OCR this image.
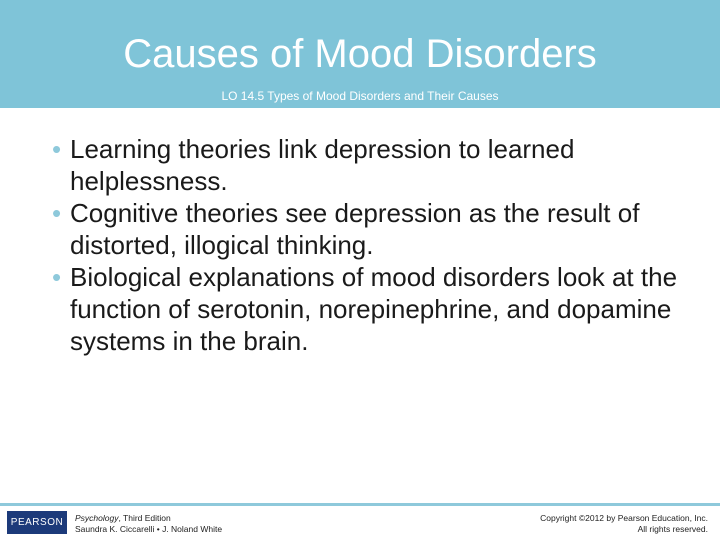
Causes of Mood Disorders
LO 14.5 Types of Mood Disorders and Their Causes
• Learning theories link depression to learned helplessness.
• Cognitive theories see depression as the result of distorted, illogical thinking.
• Biological explanations of mood disorders look at the function of serotonin, norepinephrine, and dopamine systems in the brain.
PEARSON	Psychology, Third Edition
Saundra K. Ciccarelli • J. Noland White
Copyright ©2012 by Pearson Education, Inc.
All rights reserved.
